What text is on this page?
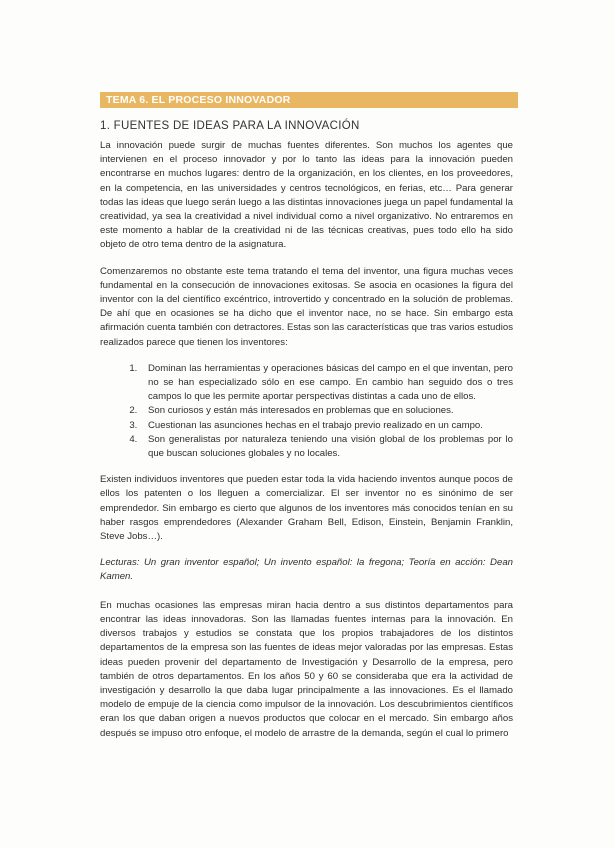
TEMA 6. EL PROCESO INNOVADOR
1. FUENTES DE IDEAS PARA LA INNOVACIÓN

La innovación puede surgir de muchas fuentes diferentes. Son muchos los agentes que intervienen en el proceso innovador y por lo tanto las ideas para la innovación pueden encontrarse en muchos lugares: dentro de la organización, en los clientes, en los proveedores, en la competencia, en las universidades y centros tecnológicos, en ferias, etc… Para generar todas las ideas que luego serán luego a las distintas innovaciones juega un papel fundamental la creatividad, ya sea la creatividad a nivel individual como a nivel organizativo. No entraremos en este momento a hablar de la creatividad ni de las técnicas creativas, pues todo ello ha sido objeto de otro tema dentro de la asignatura.

Comenzaremos no obstante este tema tratando el tema del inventor, una figura muchas veces fundamental en la consecución de innovaciones exitosas. Se asocia en ocasiones la figura del inventor con la del científico excéntrico, introvertido y concentrado en la solución de problemas. De ahí que en ocasiones se ha dicho que el inventor nace, no se hace. Sin embargo esta afirmación cuenta también con detractores. Estas son las características que tras varios estudios realizados parece que tienen los inventores:

1. Dominan las herramientas y operaciones básicas del campo en el que inventan, pero no se han especializado sólo en ese campo. En cambio han seguido dos o tres campos lo que les permite aportar perspectivas distintas a cada uno de ellos.
2. Son curiosos y están más interesados en problemas que en soluciones.
3. Cuestionan las asunciones hechas en el trabajo previo realizado en un campo.
4. Son generalistas por naturaleza teniendo una visión global de los problemas por lo que buscan soluciones globales y no locales.

Existen individuos inventores que pueden estar toda la vida haciendo inventos aunque pocos de ellos los patenten o los lleguen a comercializar. El ser inventor no es sinónimo de ser emprendedor. Sin embargo es cierto que algunos de los inventores más conocidos tenían en su haber rasgos emprendedores (Alexander Graham Bell, Edison, Einstein, Benjamin Franklin, Steve Jobs…).

Lecturas: Un gran inventor español; Un invento español: la fregona; Teoría en acción: Dean Kamen.

En muchas ocasiones las empresas miran hacia dentro a sus distintos departamentos para encontrar las ideas innovadoras. Son las llamadas fuentes internas para la innovación. En diversos trabajos y estudios se constata que los propios trabajadores de los distintos departamentos de la empresa son las fuentes de ideas mejor valoradas por las empresas. Estas ideas pueden provenir del departamento de Investigación y Desarrollo de la empresa, pero también de otros departamentos. En los años 50 y 60 se consideraba que era la actividad de investigación y desarrollo la que daba lugar principalmente a las innovaciones. Es el llamado modelo de empuje de la ciencia como impulsor de la innovación. Los descubrimientos científicos eran los que daban origen a nuevos productos que colocar en el mercado. Sin embargo años después se impuso otro enfoque, el modelo de arrastre de la demanda, según el cual lo primero
